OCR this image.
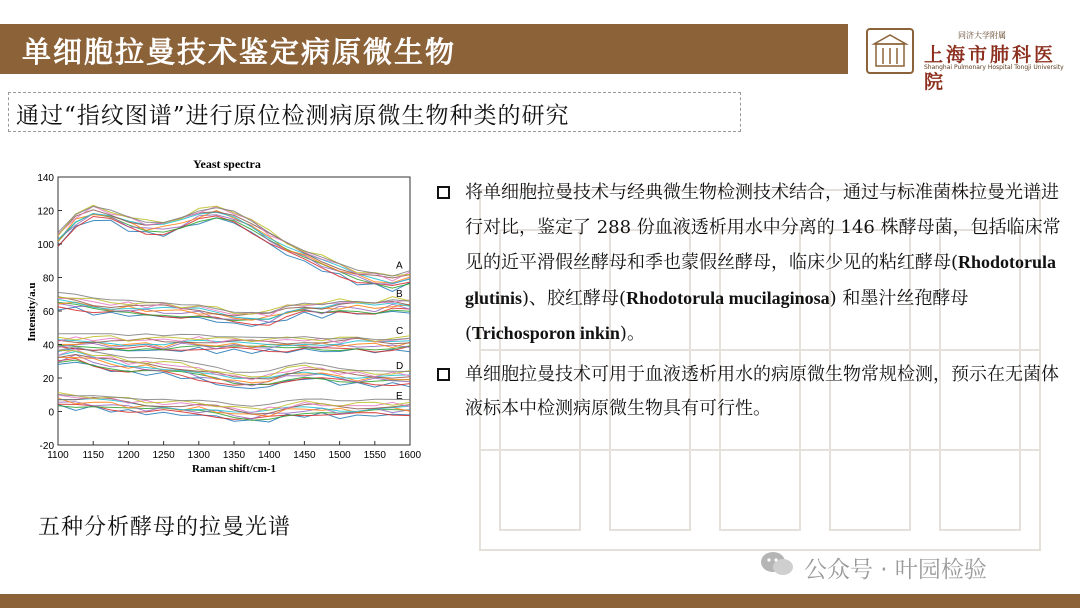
单细胞拉曼技术鉴定病原微生物	同济大学附属
上海市肺科医院
Shanghai Pulmonary Hospital Tongji University
通过“指纹图谱”进行原位检测病原微生物种类的研究
Yeast spectra
1100 1150 1200 1250 1300 1350 1400 1450 1500 1550 1600
-20
0
20
40
60
80
100
120
140
A
B
C
D
E
Raman shift/cm-1
Intensity/a.u
将单细胞拉曼技术与经典微生物检测技术结合，通过与标准菌株拉曼光谱进行对比，鉴定了 288 份血液透析用水中分离的 146 株酵母菌，包括临床常见的近平滑假丝酵母和季也蒙假丝酵母，临床少见的粘红酵母(Rhodotorula glutinis)、胶红酵母(Rhodotorula mucilaginosa) 和墨汁丝孢酵母(Trichosporon inkin)。
单细胞拉曼技术可用于血液透析用水的病原微生物常规检测，预示在无菌体液标本中检测病原微生物具有可行性。
五种分析酵母的拉曼光谱
公众号 · 叶园检验
